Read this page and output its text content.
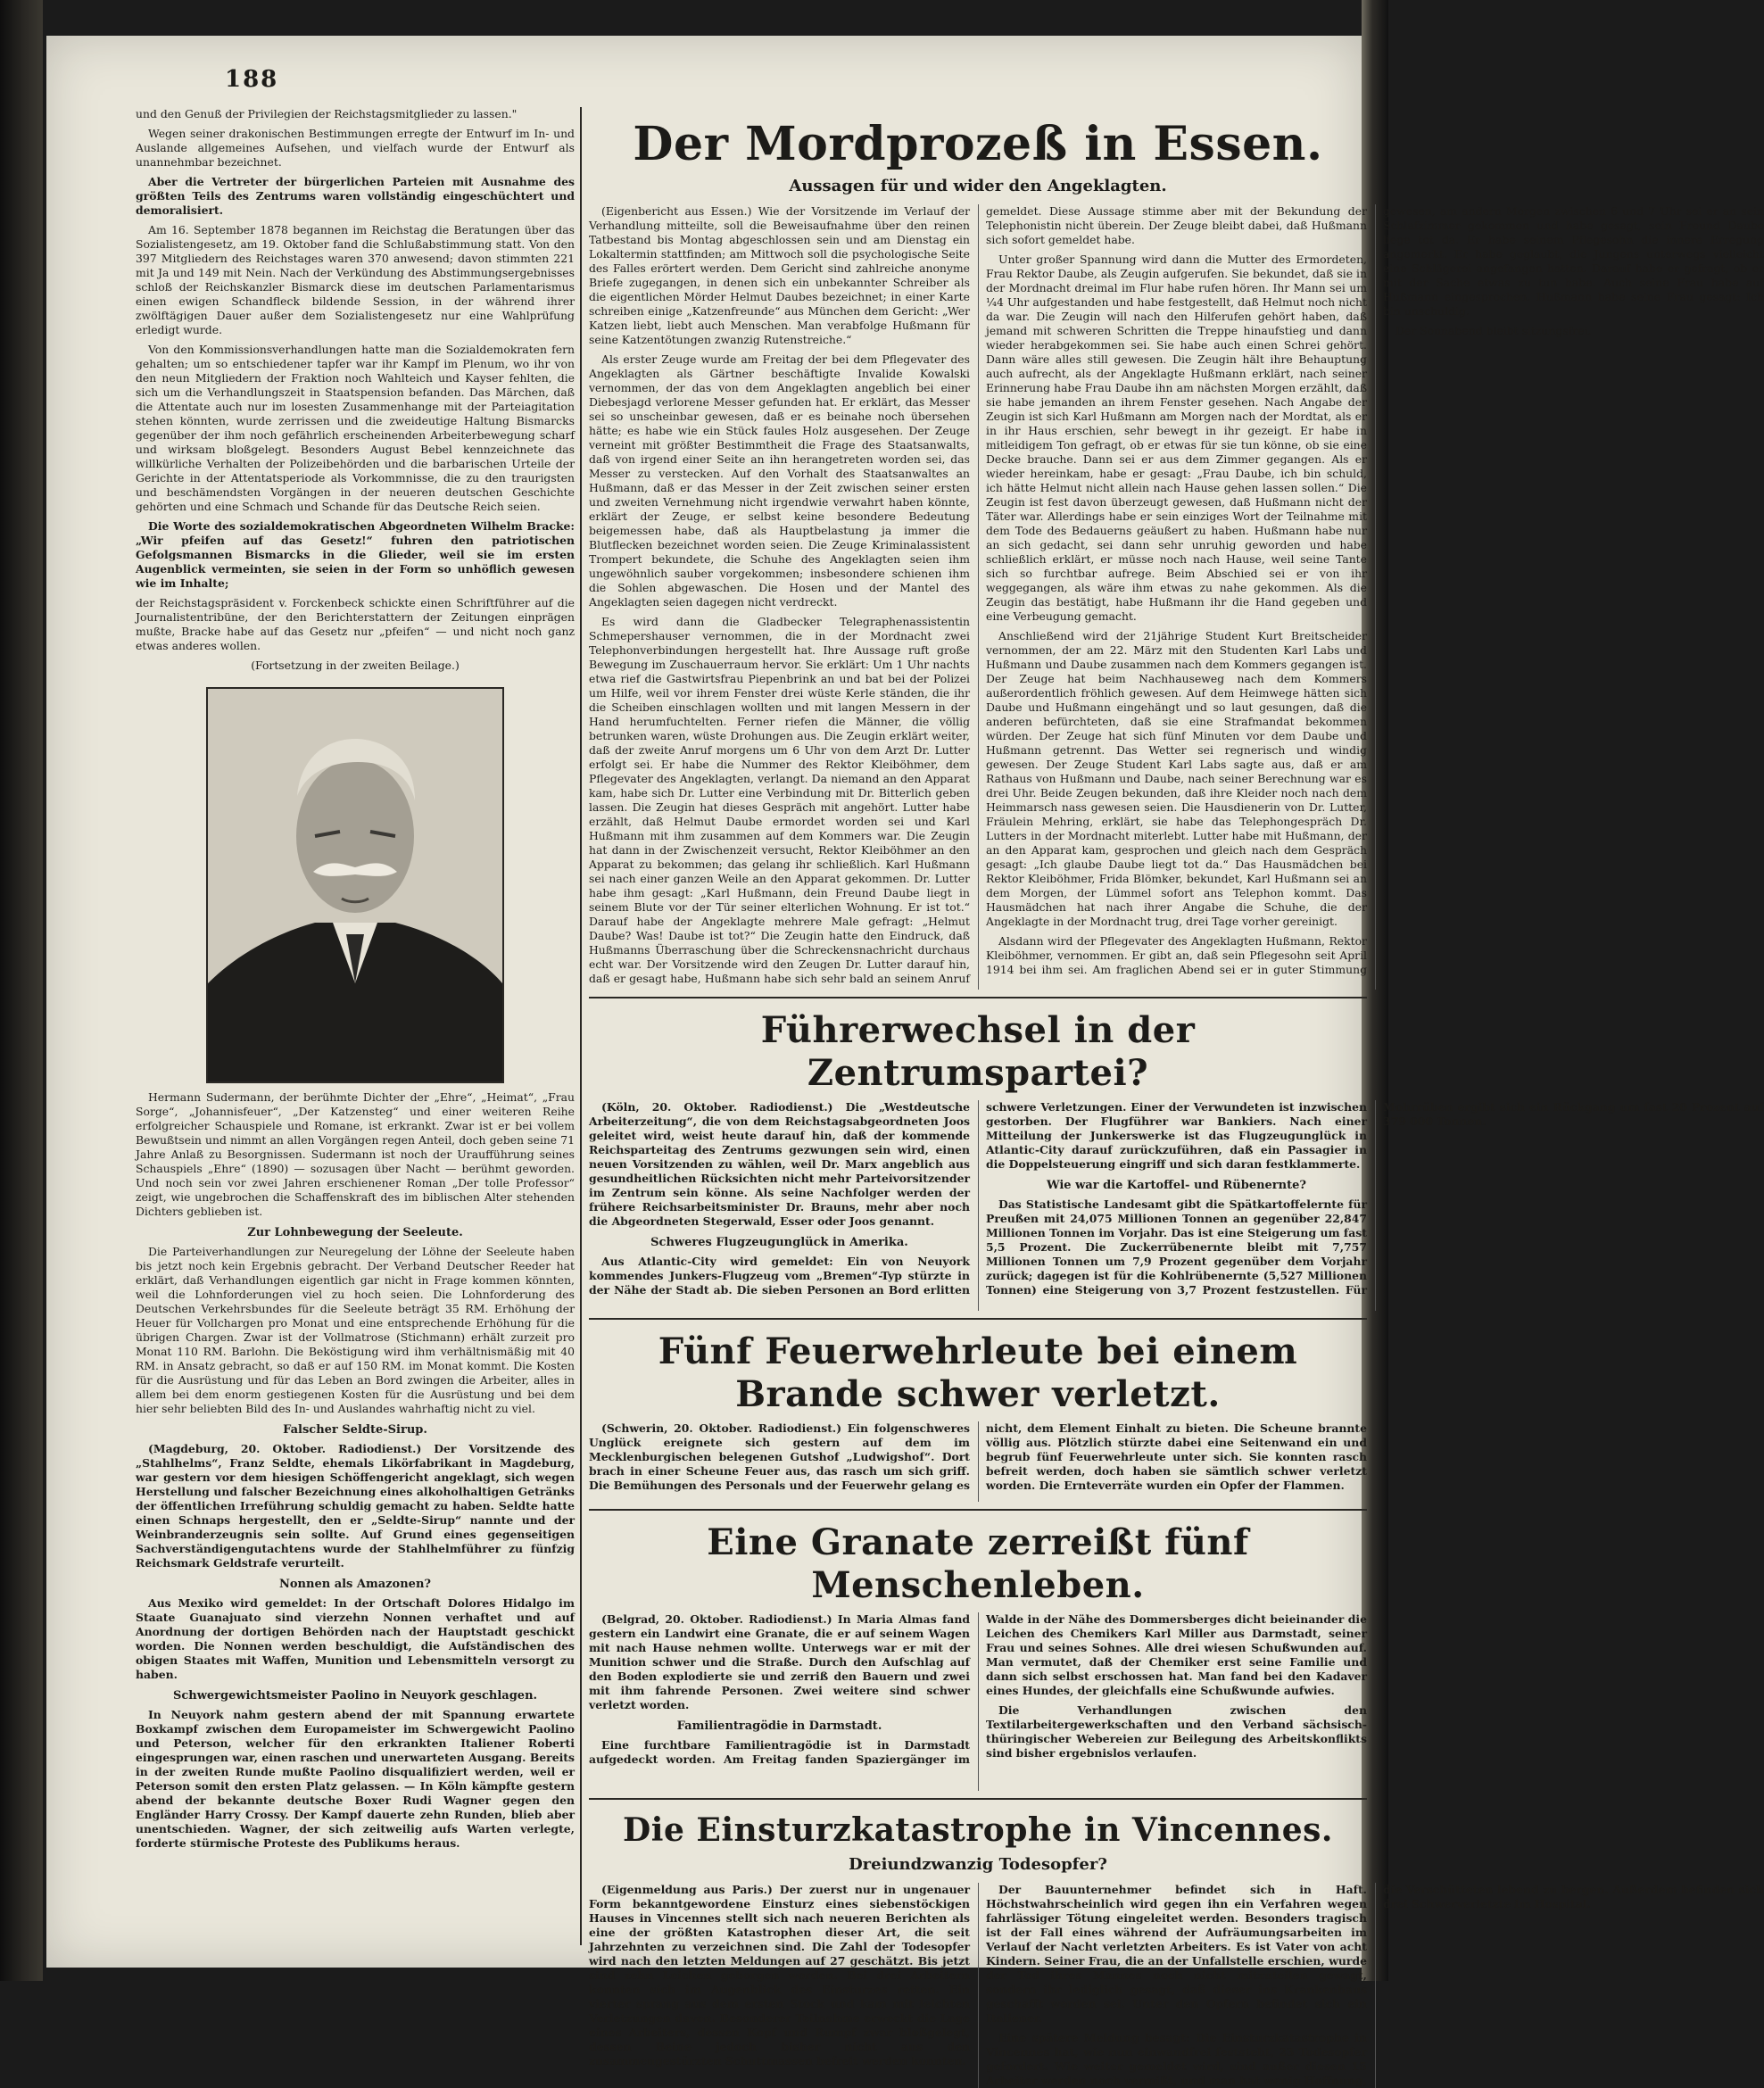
188

und den Genuß der Privilegien der Reichstagsmitglieder zu lassen."

Wegen seiner drakonischen Bestimmungen erregte der Entwurf im In- und Auslande allgemeines Aufsehen, und vielfach wurde der Entwurf als unannehmbar bezeichnet.

Aber die Vertreter der bürgerlichen Parteien mit Ausnahme des größten Teils des Zentrums waren vollständig eingeschüchtert und demoralisiert.

Am 16. September 1878 begannen im Reichstag die Beratungen über das Sozialistengesetz, am 19. Oktober fand die Schlußabstimmung statt. Von den 397 Mitgliedern des Reichstages waren 370 anwesend; davon stimmten 221 mit Ja und 149 mit Nein. Nach der Verkündung des Abstimmungsergebnisses schloß der Reichskanzler Bismarck diese im deutschen Parlamentarismus einen ewigen Schandfleck bildende Session, in der während ihrer zwölftägigen Dauer außer dem Sozialistengesetz nur eine Wahlprüfung erledigt wurde.

Von den Kommissionsverhandlungen hatte man die Sozialdemokraten fern gehalten; um so entschiedener tapfer war ihr Kampf im Plenum, wo ihr von den neun Mitgliedern der Fraktion noch Wahlteich und Kayser fehlten, die sich um die Verhandlungszeit in Staatspension befanden. Das Märchen, daß die Attentate auch nur im losesten Zusammenhange mit der Parteiagitation stehen könnten, wurde zerrissen und die zweideutige Haltung Bismarcks gegenüber der ihm noch gefährlich erscheinenden Arbeiterbewegung scharf und wirksam bloßgelegt. Besonders August Bebel kennzeichnete das willkürliche Verhalten der Polizeibehörden und die barbarischen Urteile der Gerichte in der Attentatsperiode als Vorkommnisse, die zu den traurigsten und beschämendsten Vorgängen in der neueren deutschen Geschichte gehörten und eine Schmach und Schande für das Deutsche Reich seien.

Die Worte des sozialdemokratischen Abgeordneten Wilhelm Bracke: „Wir pfeifen auf das Gesetz!“ fuhren den patriotischen Gefolgsmannen Bismarcks in die Glieder, weil sie im ersten Augenblick vermeinten, sie seien in der Form so unhöflich gewesen wie im Inhalte;

der Reichstagspräsident v. Forckenbeck schickte einen Schriftführer auf die Journalistentribüne, der den Berichterstattern der Zeitungen einprägen mußte, Bracke habe auf das Gesetz nur „pfeifen“ — und nicht noch ganz etwas anderes wollen.

(Fortsetzung in der zweiten Beilage.)

Hermann Sudermann, der berühmte Dichter der „Ehre“, „Heimat“, „Frau Sorge“, „Johannisfeuer“, „Der Katzensteg“ und einer weiteren Reihe erfolgreicher Schauspiele und Romane, ist erkrankt. Zwar ist er bei vollem Bewußtsein und nimmt an allen Vorgängen regen Anteil, doch geben seine 71 Jahre Anlaß zu Besorgnissen. Sudermann ist noch der Uraufführung seines Schauspiels „Ehre“ (1890) — sozusagen über Nacht — berühmt geworden. Und noch sein vor zwei Jahren erschienener Roman „Der tolle Professor“ zeigt, wie ungebrochen die Schaffenskraft des im biblischen Alter stehenden Dichters geblieben ist.

Zur Lohnbewegung der Seeleute.

Die Parteiverhandlungen zur Neuregelung der Löhne der Seeleute haben bis jetzt noch kein Ergebnis gebracht. Der Verband Deutscher Reeder hat erklärt, daß Verhandlungen eigentlich gar nicht in Frage kommen könnten, weil die Lohnforderungen viel zu hoch seien. Die Lohnforderung des Deutschen Verkehrsbundes für die Seeleute beträgt 35 RM. Erhöhung der Heuer für Vollchargen pro Monat und eine entsprechende Erhöhung für die übrigen Chargen. Zwar ist der Vollmatrose (Stichmann) erhält zurzeit pro Monat 110 RM. Barlohn. Die Beköstigung wird ihm verhältnismäßig mit 40 RM. in Ansatz gebracht, so daß er auf 150 RM. im Monat kommt. Die Kosten für die Ausrüstung und für das Leben an Bord zwingen die Arbeiter, alles in allem bei dem enorm gestiegenen Kosten für die Ausrüstung und bei dem hier sehr beliebten Bild des In- und Auslandes wahrhaftig nicht zu viel.

Falscher Seldte-Sirup.

(Magdeburg, 20. Oktober. Radiodienst.) Der Vorsitzende des „Stahlhelms“, Franz Seldte, ehemals Likörfabrikant in Magdeburg, war gestern vor dem hiesigen Schöffengericht angeklagt, sich wegen Herstellung und falscher Bezeichnung eines alkoholhaltigen Getränks der öffentlichen Irreführung schuldig gemacht zu haben. Seldte hatte einen Schnaps hergestellt, den er „Seldte-Sirup“ nannte und der Weinbranderzeugnis sein sollte. Auf Grund eines gegenseitigen Sachverständigengutachtens wurde der Stahlhelmführer zu fünfzig Reichsmark Geldstrafe verurteilt.

Nonnen als Amazonen?

Aus Mexiko wird gemeldet: In der Ortschaft Dolores Hidalgo im Staate Guanajuato sind vierzehn Nonnen verhaftet und auf Anordnung der dortigen Behörden nach der Hauptstadt geschickt worden. Die Nonnen werden beschuldigt, die Aufständischen des obigen Staates mit Waffen, Munition und Lebensmitteln versorgt zu haben.

Schwergewichtsmeister Paolino in Neuyork geschlagen.

In Neuyork nahm gestern abend der mit Spannung erwartete Boxkampf zwischen dem Europameister im Schwergewicht Paolino und Peterson, welcher für den erkrankten Italiener Roberti eingesprungen war, einen raschen und unerwarteten Ausgang. Bereits in der zweiten Runde mußte Paolino disqualifiziert werden, weil er Peterson somit den ersten Platz gelassen. — In Köln kämpfte gestern abend der bekannte deutsche Boxer Rudi Wagner gegen den Engländer Harry Crossy. Der Kampf dauerte zehn Runden, blieb aber unentschieden. Wagner, der sich zeitweilig aufs Warten verlegte, forderte stürmische Proteste des Publikums heraus.

Der Mordprozeß in Essen.
Aussagen für und wider den Angeklagten.

(Eigenbericht aus Essen.) Wie der Vorsitzende im Verlauf der Verhandlung mitteilte, soll die Beweisaufnahme über den reinen Tatbestand bis Montag abgeschlossen sein und am Dienstag ein Lokaltermin stattfinden; am Mittwoch soll die psychologische Seite des Falles erörtert werden. Dem Gericht sind zahlreiche anonyme Briefe zugegangen, in denen sich ein unbekannter Schreiber als die eigentlichen Mörder Helmut Daubes bezeichnet; in einer Karte schreiben einige „Katzenfreunde“ aus München dem Gericht: „Wer Katzen liebt, liebt auch Menschen. Man verabfolge Hußmann für seine Katzentötungen zwanzig Rutenstreiche.“

Als erster Zeuge wurde am Freitag der bei dem Pflegevater des Angeklagten als Gärtner beschäftigte Invalide Kowalski vernommen, der das von dem Angeklagten angeblich bei einer Diebesjagd verlorene Messer gefunden hat. Er erklärt, das Messer sei so unscheinbar gewesen, daß er es beinahe noch übersehen hätte; es habe wie ein Stück faules Holz ausgesehen. Der Zeuge verneint mit größter Bestimmtheit die Frage des Staatsanwalts, daß von irgend einer Seite an ihn herangetreten worden sei, das Messer zu verstecken. Auf den Vorhalt des Staatsanwaltes an Hußmann, daß er das Messer in der Zeit zwischen seiner ersten und zweiten Vernehmung nicht irgendwie verwahrt haben könnte, erklärt der Zeuge, er selbst keine besondere Bedeutung beigemessen habe, daß als Hauptbelastung ja immer die Blutflecken bezeichnet worden seien. Die Zeuge Kriminalassistent Trompert bekundete, die Schuhe des Angeklagten seien ihm ungewöhnlich sauber vorgekommen; insbesondere schienen ihm die Sohlen abgewaschen. Die Hosen und der Mantel des Angeklagten seien dagegen nicht verdreckt.

Es wird dann die Gladbecker Telegraphenassistentin Schmepershauser vernommen, die in der Mordnacht zwei Telephonverbindungen hergestellt hat. Ihre Aussage ruft große Bewegung im Zuschauerraum hervor. Sie erklärt: Um 1 Uhr nachts etwa rief die Gastwirtsfrau Piepenbrink an und bat bei der Polizei um Hilfe, weil vor ihrem Fenster drei wüste Kerle ständen, die ihr die Scheiben einschlagen wollten und mit langen Messern in der Hand herumfuchtelten. Ferner riefen die Männer, die völlig betrunken waren, wüste Drohungen aus. Die Zeugin erklärt weiter, daß der zweite Anruf morgens um 6 Uhr von dem Arzt Dr. Lutter erfolgt sei. Er habe die Nummer des Rektor Kleiböhmer, dem Pflegevater des Angeklagten, verlangt. Da niemand an den Apparat kam, habe sich Dr. Lutter eine Verbindung mit Dr. Bitterlich geben lassen. Die Zeugin hat dieses Gespräch mit angehört. Lutter habe erzählt, daß Helmut Daube ermordet worden sei und Karl Hußmann mit ihm zusammen auf dem Kommers war. Die Zeugin hat dann in der Zwischenzeit versucht, Rektor Kleiböhmer an den Apparat zu bekommen; das gelang ihr schließlich. Karl Hußmann sei nach einer ganzen Weile an den Apparat gekommen. Dr. Lutter habe ihm gesagt: „Karl Hußmann, dein Freund Daube liegt in seinem Blute vor der Tür seiner elterlichen Wohnung. Er ist tot.“ Darauf habe der Angeklagte mehrere Male gefragt: „Helmut Daube? Was! Daube ist tot?“ Die Zeugin hatte den Eindruck, daß Hußmanns Überraschung über die Schreckensnachricht durchaus echt war. Der Vorsitzende wird den Zeugen Dr. Lutter darauf hin, daß er gesagt habe, Hußmann habe sich sehr bald an seinem Anruf gemeldet. Diese Aussage stimme aber mit der Bekundung der Telephonistin nicht überein. Der Zeuge bleibt dabei, daß Hußmann sich sofort gemeldet habe.

Unter großer Spannung wird dann die Mutter des Ermordeten, Frau Rektor Daube, als Zeugin aufgerufen. Sie bekundet, daß sie in der Mordnacht dreimal im Flur habe rufen hören. Ihr Mann sei um ¼4 Uhr aufgestanden und habe festgestellt, daß Helmut noch nicht da war. Die Zeugin will nach den Hilferufen gehört haben, daß jemand mit schweren Schritten die Treppe hinaufstieg und dann wieder herabgekommen sei. Sie habe auch einen Schrei gehört. Dann wäre alles still gewesen. Die Zeugin hält ihre Behauptung auch aufrecht, als der Angeklagte Hußmann erklärt, nach seiner Erinnerung habe Frau Daube ihn am nächsten Morgen erzählt, daß sie habe jemanden an ihrem Fenster gesehen. Nach Angabe der Zeugin ist sich Karl Hußmann am Morgen nach der Mordtat, als er in ihr Haus erschien, sehr bewegt in ihr gezeigt. Er habe in mitleidigem Ton gefragt, ob er etwas für sie tun könne, ob sie eine Decke brauche. Dann sei er aus dem Zimmer gegangen. Als er wieder hereinkam, habe er gesagt: „Frau Daube, ich bin schuld, ich hätte Helmut nicht allein nach Hause gehen lassen sollen.“ Die Zeugin ist fest davon überzeugt gewesen, daß Hußmann nicht der Täter war. Allerdings habe er sein einziges Wort der Teilnahme mit dem Tode des Bedauerns geäußert zu haben. Hußmann habe nur an sich gedacht, sei dann sehr unruhig geworden und habe schließlich erklärt, er müsse noch nach Hause, weil seine Tante sich so furchtbar aufrege. Beim Abschied sei er von ihr weggegangen, als wäre ihm etwas zu nahe gekommen. Als die Zeugin das bestätigt, habe Hußmann ihr die Hand gegeben und eine Verbeugung gemacht.

Anschließend wird der 21jährige Student Kurt Breitscheider vernommen, der am 22. März mit den Studenten Karl Labs und Hußmann und Daube zusammen nach dem Kommers gegangen ist. Der Zeuge hat beim Nachhauseweg nach dem Kommers außerordentlich fröhlich gewesen. Auf dem Heimwege hätten sich Daube und Hußmann eingehängt und so laut gesungen, daß die anderen befürchteten, daß sie eine Strafmandat bekommen würden. Der Zeuge hat sich fünf Minuten vor dem Daube und Hußmann getrennt. Das Wetter sei regnerisch und windig gewesen. Der Zeuge Student Karl Labs sagte aus, daß er am Rathaus von Hußmann und Daube, nach seiner Berechnung war es drei Uhr. Beide Zeugen bekunden, daß ihre Kleider noch nach dem Heimmarsch nass gewesen seien. Die Hausdienerin von Dr. Lutter, Fräulein Mehring, erklärt, sie habe das Telephongespräch Dr. Lutters in der Mordnacht miterlebt. Lutter habe mit Hußmann, der an den Apparat kam, gesprochen und gleich nach dem Gespräch gesagt: „Ich glaube Daube liegt tot da.“ Das Hausmädchen bei Rektor Kleiböhmer, Frida Blömker, bekundet, Karl Hußmann sei an dem Morgen, der Lümmel sofort ans Telephon kommt. Das Hausmädchen hat nach ihrer Angabe die Schuhe, die der Angeklagte in der Mordnacht trug, drei Tage vorher gereinigt.

Alsdann wird der Pflegevater des Angeklagten Hußmann, Rektor Kleiböhmer, vernommen. Er gibt an, daß sein Pflegesohn seit April 1914 bei ihm sei. Am fraglichen Abend sei er in guter Stimmung gewesen, am andern Morgen zwischen 6 und 7 Uhr sei er an sein Schlafzimmer gekommen und habe gesagt, sein Freund Daube liege tot da. Er habe seinem Pflegesohn die innere Erregung angemerkt. Er habe geglaubt, die Jungens unterwegs vielleicht eine Schlägerei angefangen hatten. Darauf habe er gefragt, ob er mit der Sache etwas zu tun habe. Auch seine Frau habe auf Hußmann eingesprochen. Hußmann habe seine Frau gesagt: Ich bin unschuldig.

Der Sonnabend bleibt sitzungsfrei.

Führerwechsel in der Zentrumspartei?

(Köln, 20. Oktober. Radiodienst.) Die „Westdeutsche Arbeiterzeitung“, die von dem Reichstagsabgeordneten Joos geleitet wird, weist heute darauf hin, daß der kommende Reichsparteitag des Zentrums gezwungen sein wird, einen neuen Vorsitzenden zu wählen, weil Dr. Marx angeblich aus gesundheitlichen Rücksichten nicht mehr Parteivorsitzender im Zentrum sein könne. Als seine Nachfolger werden der frühere Reichsarbeitsminister Dr. Brauns, mehr aber noch die Abgeordneten Stegerwald, Esser oder Joos genannt.

Schweres Flugzeugunglück in Amerika.

Aus Atlantic-City wird gemeldet: Ein von Neuyork kommendes Junkers-Flugzeug vom „Bremen“-Typ stürzte in der Nähe der Stadt ab. Die sieben Personen an Bord erlitten schwere Verletzungen. Einer der Verwundeten ist inzwischen gestorben. Der Flugführer war Bankiers. Nach einer Mitteilung der Junkerswerke ist das Flugzeugunglück in Atlantic-City darauf zurückzuführen, daß ein Passagier in die Doppelsteuerung eingriff und sich daran festklammerte.

Wie war die Kartoffel- und Rübenernte?

Das Statistische Landesamt gibt die Spätkartoffelernte für Preußen mit 24,075 Millionen Tonnen an gegenüber 22,847 Millionen Tonnen im Vorjahr. Das ist eine Steigerung um fast 5,5 Prozent. Die Zuckerrübenernte bleibt mit 7,757 Millionen Tonnen um 7,9 Prozent gegenüber dem Vorjahr zurück; dagegen ist für die Kohlrübenernte (5,527 Millionen Tonnen) eine Steigerung von 3,7 Prozent festzustellen. Für Mohrrüben ergibt sich ein Rückgang um fast 20 Prozent auf 379 000 Tonnen.

Fünf Feuerwehrleute bei einem Brande schwer verletzt.

(Schwerin, 20. Oktober. Radiodienst.) Ein folgenschweres Unglück ereignete sich gestern auf dem im Mecklenburgischen belegenen Gutshof „Ludwigshof“. Dort brach in einer Scheune Feuer aus, das rasch um sich griff. Die Bemühungen des Personals und der Feuerwehr gelang es nicht, dem Element Einhalt zu bieten. Die Scheune brannte völlig aus. Plötzlich stürzte dabei eine Seitenwand ein und begrub fünf Feuerwehrleute unter sich. Sie konnten rasch befreit werden, doch haben sie sämtlich schwer verletzt worden. Die Ernteverräte wurden ein Opfer der Flammen.

Eine Granate zerreißt fünf Menschenleben.

(Belgrad, 20. Oktober. Radiodienst.) In Maria Almas fand gestern ein Landwirt eine Granate, die er auf seinem Wagen mit nach Hause nehmen wollte. Unterwegs war er mit der Munition schwer und die Straße. Durch den Aufschlag auf den Boden explodierte sie und zerriß den Bauern und zwei mit ihm fahrende Personen. Zwei weitere sind schwer verletzt worden.

Familientragödie in Darmstadt.

Eine furchtbare Familientragödie ist in Darmstadt aufgedeckt worden. Am Freitag fanden Spaziergänger im Walde in der Nähe des Dommersberges dicht beieinander die Leichen des Chemikers Karl Miller aus Darmstadt, seiner Frau und seines Sohnes. Alle drei wiesen Schußwunden auf. Man vermutet, daß der Chemiker erst seine Familie und dann sich selbst erschossen hat. Man fand bei den Kadaver eines Hundes, der gleichfalls eine Schußwunde aufwies.

Die Verhandlungen zwischen den Textilarbeitergewerkschaften und den Verband sächsisch-thüringischer Webereien zur Beilegung des Arbeitskonflikts sind bisher ergebnislos verlaufen.

Die Einsturzkatastrophe in Vincennes.
Dreiundzwanzig Todesopfer?

(Eigenmeldung aus Paris.) Der zuerst nur in ungenauer Form bekanntgewordene Einsturz eines siebenstöckigen Hauses in Vincennes stellt sich nach neueren Berichten als eine der größten Katastrophen dieser Art, die seit Jahrzehnten zu verzeichnen sind. Die Zahl der Todesopfer wird nach den letzten Meldungen auf 27 geschätzt. Bis jetzt sind zehn Leichen geborgen worden. Bei drei Arbeitern konnten sich im Augenblick des Einsturzes retten. Ein vierter sprang aus dem ersten Stock und kam mit leichten Verletzungen davon. Besonderer Teilnahme erweckt die Lage eines Arbeiters, dessen Kopf und Rumpf zwar bloßgelegt, dessen Beine jedoch bisher nicht aus den zusammengestürzten Schuttmassen befreit werden konnten.

Der Bauunternehmer befindet sich in Haft. Höchstwahrscheinlich wird gegen ihn ein Verfahren wegen fahrlässiger Tötung eingeleitet werden. Besonders tragisch ist der Fall eines während der Aufräumungsarbeiten im Verlauf der Nacht verletzten Arbeiters. Es ist Vater von acht Kindern. Seiner Frau, die an der Unfallstelle erschien, wurde der Tod ihres Mannes noch nicht mitzuteilen gewagt, sondern ihr lediglich gesagt, daß dieser ins Krankenhaus geschafft worden sei. Unter den Opfern befindet sich ein Italiener.

Eine spätere Meldung besagt: Die Einsturzkatastrophe in Vincennes hat, wie nun einwandfrei feststeht, 23 Todesopfer gefordert. Wie weiter gemeldet wird, sind außer diesen 15 Arbeiter werden noch vermißt, und man hat wenig Hoffnung, die Verschütteten lebend zu bergen. Außerdem befinden sich drei Schwerverletzte im Hospital.
